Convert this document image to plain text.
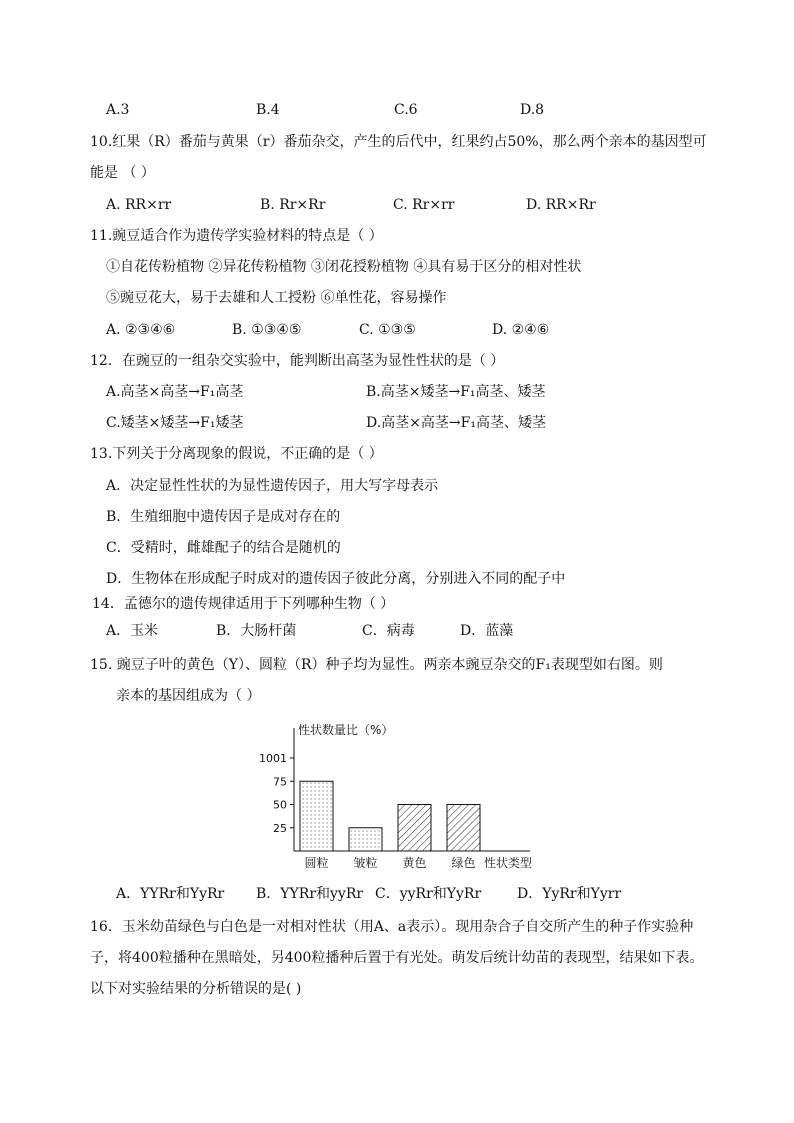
A.3	B.4	C.6	D.8
10.红果（R）番茄与黄果（r）番茄杂交，产生的后代中，红果约占50%，那么两个亲本的基因型可
能是 （ ）
A. RR×rr	B. Rr×Rr	C. Rr×rr	D. RR×Rr
11.豌豆适合作为遗传学实验材料的特点是（ ）
①自花传粉植物 ②异花传粉植物 ③闭花授粉植物 ④具有易于区分的相对性状
⑤豌豆花大，易于去雄和人工授粉 ⑥单性花，容易操作
A. ②③④⑥	B. ①③④⑤	C. ①③⑤	D. ②④⑥
12．在豌豆的一组杂交实验中，能判断出高茎为显性性状的是（ ）
A.高茎×高茎→F₁高茎	B.高茎×矮茎→F₁高茎、矮茎
C.矮茎×矮茎→F₁矮茎	D.高茎×高茎→F₁高茎、矮茎
13.下列关于分离现象的假说，不正确的是（ ）
A．决定显性性状的为显性遗传因子，用大写字母表示
B．生殖细胞中遗传因子是成对存在的
C．受精时，雌雄配子的结合是随机的
D．生物体在形成配子时成对的遗传因子彼此分离，分别进入不同的配子中
14．孟德尔的遗传规律适用于下列哪种生物（ ）
A．玉米	B．大肠杆菌	C．病毒	D．蓝藻
15. 豌豆子叶的黄色（Y）、圆粒（R）种子均为显性。两亲本豌豆杂交的F₁表现型如右图。则
亲本的基因组成为（ ）
性状数量比（%）
1001
75
50
25
圆粒 皱粒 黄色 绿色 性状类型
A．YYRr和YyRr B．YYRr和yyRr C．yyRr和YyRr	D．YyRr和Yyrr
16．玉米幼苗绿色与白色是一对相对性状（用A、a表示）。现用杂合子自交所产生的种子作实验种
子，将400粒播种在黑暗处，另400粒播种后置于有光处。萌发后统计幼苗的表现型，结果如下表。
以下对实验结果的分析错误的是( )
